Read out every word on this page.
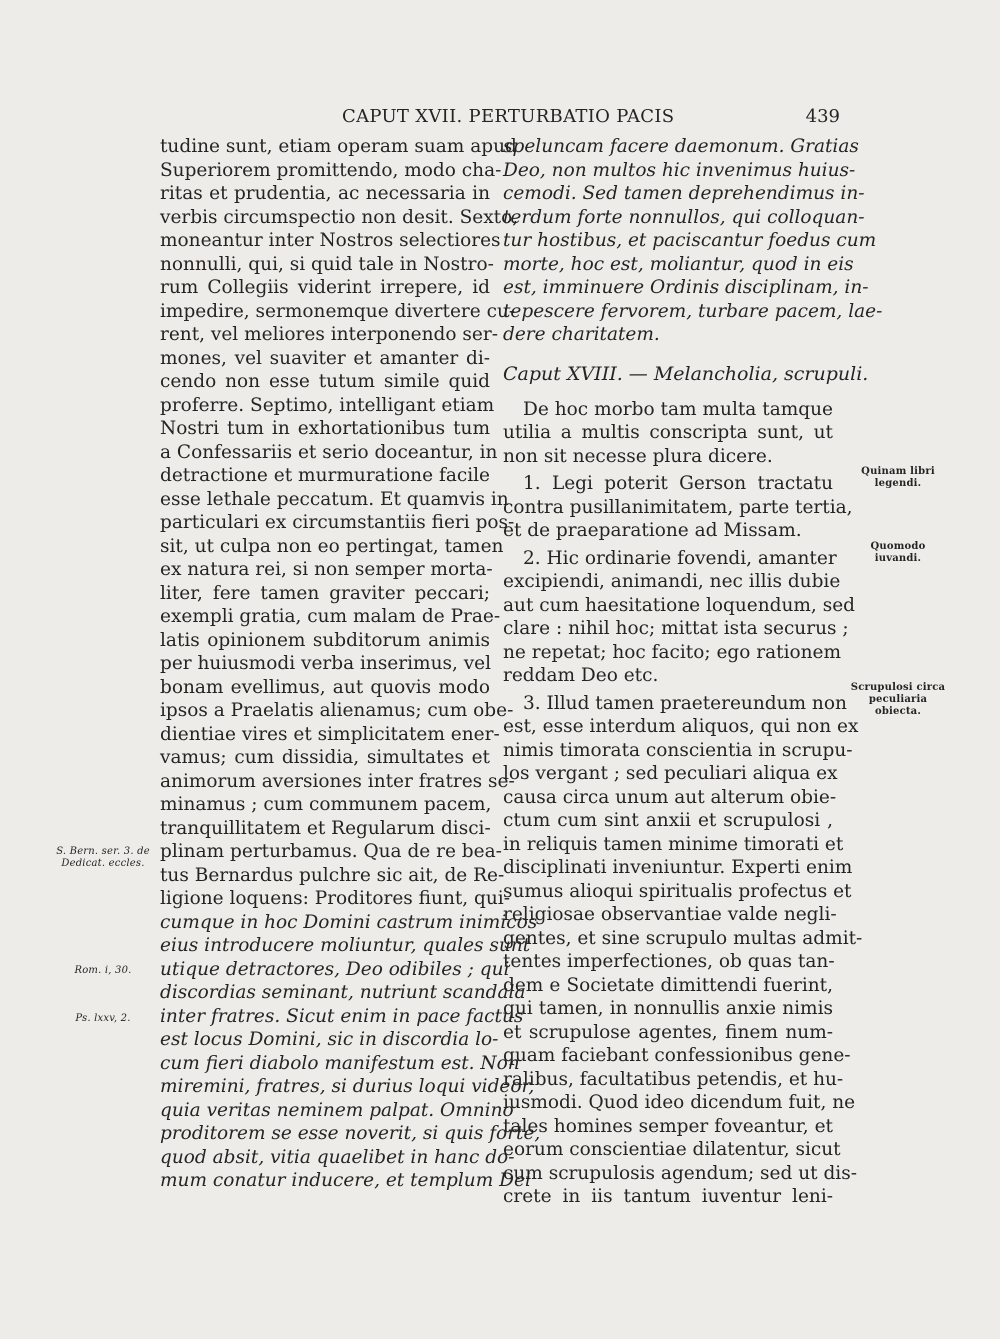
CAPUT XVII. PERTURBATIO PACIS	439
tudine sunt, etiam operam suam apud
Superiorem promittendo, modo cha-
ritas et prudentia, ac necessaria in
verbis circumspectio non desit. Sexto,
moneantur inter Nostros selectiores
nonnulli, qui, si quid tale in Nostro-
rum Collegiis viderint irrepere, id
impedire, sermonemque divertere cu-
rent, vel meliores interponendo ser-
mones, vel suaviter et amanter di-
cendo non esse tutum simile quid
proferre. Septimo, intelligant etiam
Nostri tum in exhortationibus tum
a Confessariis et serio doceantur, in
detractione et murmuratione facile
esse lethale peccatum. Et quamvis in
particulari ex circumstantiis fieri pos-
sit, ut culpa non eo pertingat, tamen
ex natura rei, si non semper morta-
liter, fere tamen graviter peccari;
exempli gratia, cum malam de Prae-
latis opinionem subditorum animis
per huiusmodi verba inserimus, vel
bonam evellimus, aut quovis modo
ipsos a Praelatis alienamus; cum obe-
dientiae vires et simplicitatem ener-
vamus; cum dissidia, simultates et
animorum aversiones inter fratres se-
minamus ; cum communem pacem,
tranquillitatem et Regularum disci-
plinam perturbamus. Qua de re bea-
tus Bernardus pulchre sic ait, de Re-
ligione loquens: Proditores fiunt, qui-
cumque in hoc Domini castrum inimicos
eius introducere moliuntur, quales sunt
utique detractores, Deo odibiles ; qui
discordias seminant, nutriunt scandala
inter fratres. Sicut enim in pace factus
est locus Domini, sic in discordia lo-
cum fieri diabolo manifestum est. Non
miremini, fratres, si durius loqui videor,
quia veritas neminem palpat. Omnino
proditorem se esse noverit, si quis forte,
quod absit, vitia quaelibet in hanc do-
mum conatur inducere, et templum Dei
speluncam facere daemonum. Gratias
Deo, non multos hic invenimus huius-
cemodi. Sed tamen deprehendimus in-
terdum forte nonnullos, qui colloquan-
tur hostibus, et paciscantur foedus cum
morte, hoc est, moliantur, quod in eis
est, imminuere Ordinis disciplinam, in-
tepescere fervorem, turbare pacem, lae-
dere charitatem.
Caput XVIII. — Melancholia, scrupuli.
De hoc morbo tam multa tamque
utilia a multis conscripta sunt, ut
non sit necesse plura dicere.
1. Legi poterit Gerson tractatu
contra pusillanimitatem, parte tertia,
et de praeparatione ad Missam.
2. Hic ordinarie fovendi, amanter
excipiendi, animandi, nec illis dubie
aut cum haesitatione loquendum, sed
clare : nihil hoc; mittat ista securus ;
ne repetat; hoc facito; ego rationem
reddam Deo etc.
3. Illud tamen praetereundum non
est, esse interdum aliquos, qui non ex
nimis timorata conscientia in scrupu-
los vergant ; sed peculiari aliqua ex
causa circa unum aut alterum obie-
ctum cum sint anxii et scrupulosi ,
in reliquis tamen minime timorati et
disciplinati inveniuntur. Experti enim
sumus alioqui spiritualis profectus et
religiosae observantiae valde negli-
gentes, et sine scrupulo multas admit-
tentes imperfectiones, ob quas tan-
dem e Societate dimittendi fuerint,
qui tamen, in nonnullis anxie nimis
et scrupulose agentes, finem num-
quam faciebant confessionibus gene-
ralibus, facultatibus petendis, et hu-
iusmodi. Quod ideo dicendum fuit, ne
tales homines semper foveantur, et
eorum conscientiae dilatentur, sicut
cum scrupulosis agendum; sed ut dis-
crete in iis tantum iuventur leni-
S. Bern. ser. 3. de Dedicat. eccles.
Rom. i, 30.
Ps. lxxv, 2.
Quinam libri legendi.
Quomodo iuvandi.
Scrupulosi circa peculiaria obiecta.
